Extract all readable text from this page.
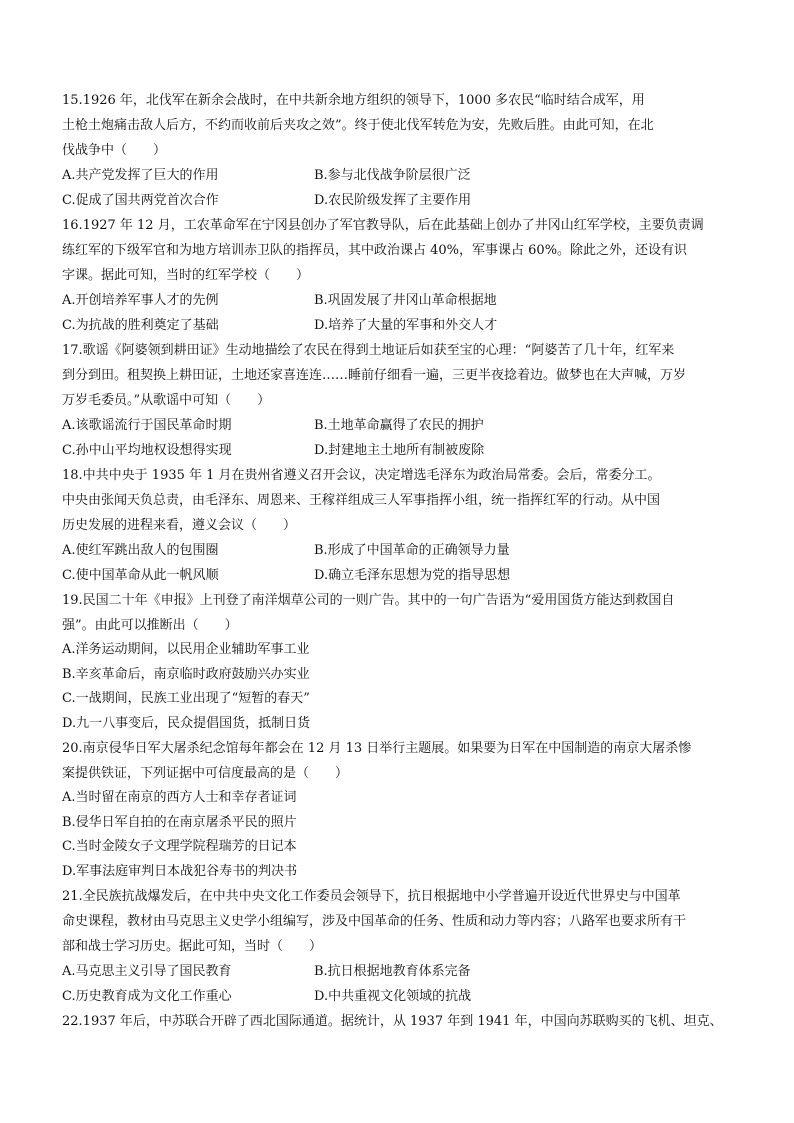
15.1926 年，北伐军在新余会战时，在中共新余地方组织的领导下，1000 多农民“临时结合成军，用
土枪土炮痛击敌人后方，不约而收前后夹攻之效”。终于使北伐军转危为安，先败后胜。由此可知，在北
伐战争中（　　）
A.共产党发挥了巨大的作用	B.参与北伐战争阶层很广泛
C.促成了国共两党首次合作	D.农民阶级发挥了主要作用
16.1927 年 12 月，工农革命军在宁冈县创办了军官教导队，后在此基础上创办了井冈山红军学校，主要负责调
练红军的下级军官和为地方培训赤卫队的指挥员，其中政治课占 40%，军事课占 60%。除此之外，还设有识
字课。据此可知，当时的红军学校（　　）
A.开创培养军事人才的先例	B.巩固发展了井冈山革命根据地
C.为抗战的胜利奠定了基础	D.培养了大量的军事和外交人才
17.歌谣《阿婆领到耕田证》生动地描绘了农民在得到土地证后如获至宝的心理：“阿婆苦了几十年，红军来
到分到田。租契换上耕田证，土地还家喜连连……睡前仔细看一遍，三更半夜捻着边。做梦也在大声喊，万岁
万岁毛委员。”从歌谣中可知（　　）
A.该歌谣流行于国民革命时期	B.土地革命赢得了农民的拥护
C.孙中山平均地权设想得实现	D.封建地主土地所有制被废除
18.中共中央于 1935 年 1 月在贵州省遵义召开会议，决定增选毛泽东为政治局常委。会后，常委分工。
中央由张闻天负总责，由毛泽东、周恩来、王稼祥组成三人军事指挥小组，统一指挥红军的行动。从中国
历史发展的进程来看，遵义会议（　　）
A.使红军跳出敌人的包围圈	B.形成了中国革命的正确领导力量
C.使中国革命从此一帆风顺	D.确立毛泽东思想为党的指导思想
19.民国二十年《申报》上刊登了南洋烟草公司的一则广告。其中的一句广告语为“爱用国货方能达到救国自
强”。由此可以推断出（　　）
A.洋务运动期间，以民用企业辅助军事工业
B.辛亥革命后，南京临时政府鼓励兴办实业
C.一战期间，民族工业出现了“短暂的春天”
D.九一八事变后，民众提倡国货，抵制日货
20.南京侵华日军大屠杀纪念馆每年都会在 12 月 13 日举行主题展。如果要为日军在中国制造的南京大屠杀惨
案提供铁证，下列证据中可信度最高的是（　　）
A.当时留在南京的西方人士和幸存者证词
B.侵华日军自拍的在南京屠杀平民的照片
C.当时金陵女子文理学院程瑞芳的日记本
D.军事法庭审判日本战犯谷寿书的判决书
21.全民族抗战爆发后，在中共中央文化工作委员会领导下，抗日根据地中小学普遍开设近代世界史与中国革
命史课程，教材由马克思主义史学小组编写，涉及中国革命的任务、性质和动力等内容；八路军也要求所有干
部和战士学习历史。据此可知，当时（　　）
A.马克思主义引导了国民教育	B.抗日根据地教育体系完备
C.历史教育成为文化工作重心	D.中共重视文化领域的抗战
22.1937 年后，中苏联合开辟了西北国际通道。据统计，从 1937 年到 1941 年，中国向苏联购买的飞机、坦克、
